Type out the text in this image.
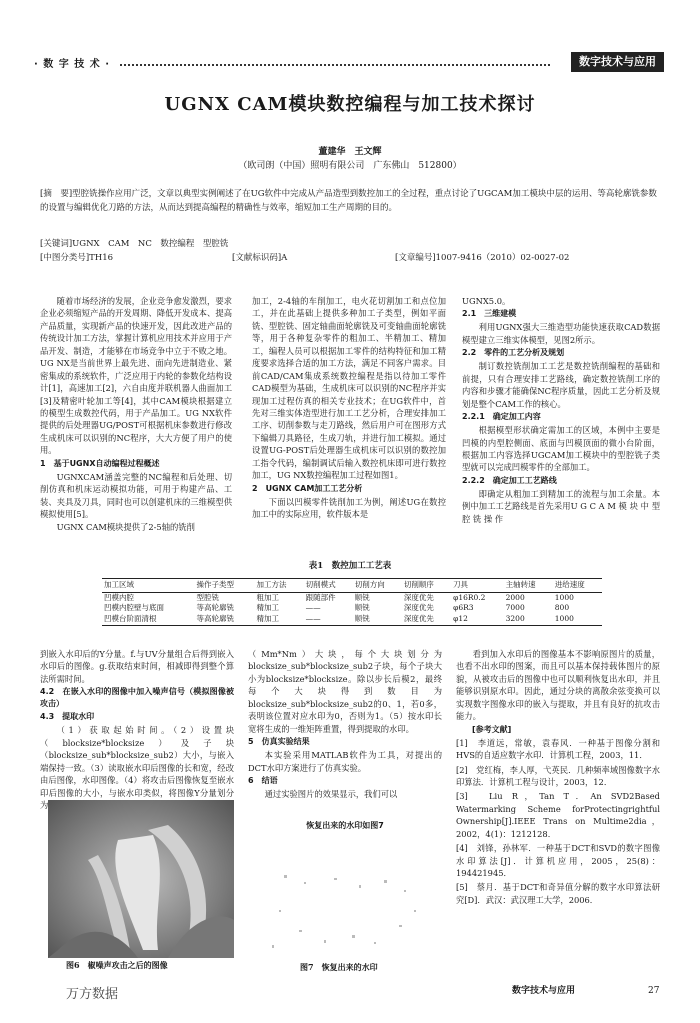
· 数 字 技 术 ·	数字技术与应用
UGNX CAM模块数控编程与加工技术探讨
董建华　王文辉
（欧司朗（中国）照明有限公司　广东佛山　512800）
[摘　要]型腔铣操作应用广泛，文章以典型实例阐述了在UG软件中完成从产品造型到数控加工的全过程，重点讨论了UGCAM加工模块中层的运用、等高轮廓铣参数的设置与编辑优化刀路的方法，从而达到提高编程的精确性与效率，缩短加工生产周期的目的。
[关键词]UGNX　CAM　NC　数控编程　型腔铣
[中图分类号]TH16	[文献标识码]A	[文章编号]1007-9416（2010）02-0027-02

随着市场经济的发展，企业竞争愈发激烈，要求企业必须缩短产品的开发周期、降低开发成本、提高产品质量，实现新产品的快速开发，因此改进产品的传统设计加工方法，掌握计算机应用技术并应用于产品开发、制造，才能够在市场竞争中立于不败之地。UG NX是当前世界上最先进、面向先进制造业、紧密集成的系统软件，广泛应用于内轮的参数化结构设计[1]，高速加工[2]，六自由度并联机器人曲面加工[3]及精密叶轮加工等[4]，其中CAM模块根据建立的模型生成数控代码，用于产品加工。UG NX软件提供的后处理器UG/POST可根据机床参数进行修改生成机床可以识别的NC程序，大大方便了用户的使用。

1　基于UGNX自动编程过程概述

UGNXCAM涵盖完整的NC编程和后处理、切削仿真和机床运动模拟功能，可用于构建产品、工装、夹具及刀具，同时也可以创建机床的三维模型供模拟使用[5]。

UGNX CAM模块提供了2-5轴的铣削

加工，2-4轴的车削加工，电火花切割加工和点位加工，并在此基础上提供多种加工子类型，例如平面铣、型腔铣、固定轴曲面轮廓铣及可变轴曲面轮廓铣等，用于各种复杂零件的粗加工、半精加工、精加工，编程人员可以根据加工零件的结构特征和加工精度要求选择合适的加工方法，满足不同客户需求。目前CAD/CAM集成系统数控编程是指以待加工零件CAD模型为基础，生成机床可以识别的NC程序并实现加工过程仿真的相关专业技术；在UG软件中，首先对三维实体造型进行加工工艺分析，合理安排加工工序、切削参数与走刀路线，然后用户可在图形方式下编辑刀具路径，生成刀轨，并进行加工模拟。通过设置UG-POST后处理器生成机床可以识别的数控加工指令代码，编制调试后输入数控机床即可进行数控加工，UG NX数控编程加工过程如图1。

2　UGNX CAM加工工艺分析

下面以凹模零件铣削加工为例，阐述UG在数控加工中的实际应用，软件版本是

UGNX5.0。

2.1　三维建模

利用UGNX强大三维造型功能快速获取CAD数据模型建立三维实体模型，见图2所示。

2.2　零件的工艺分析及规划

制订数控铣削加工工艺是数控铣削编程的基础和前提，只有合理安排工艺路线，确定数控铣削工序的内容和步骤才能确保NC程序质量，因此工艺分析及规划是整个CAM工作的核心。

2.2.1　确定加工内容

根据模型形状确定需加工的区域，本例中主要是凹模的内型腔侧面、底面与凹模顶面的微小台阶面，根据加工内容选择UGCAM加工模块中的型腔铣子类型就可以完成凹模零件的全部加工。

2.2.2　确定加工工艺路线

即确定从粗加工到精加工的流程与加工余量。本例中加工工艺路线是首先采用U G C A M 模 块 中 型 腔 铣 操 作

表1　数控加工工艺表
加工区域	操作子类型	加工方法	切削模式	切削方向	切削顺序	刀具	主轴转速	进给速度
凹模内腔	型腔铣	粗加工	跟随部件	顺铣	深度优先	φ16R0.2	2000	1000
凹模内腔壁与底面	等高轮廓铣	精加工	——	顺铣	深度优先	φ6R3	7000	800
凹模台阶面清根	等高轮廓铣	精加工	——	顺铣	深度优先	φ12	3200	1000

到嵌入水印后的Y分量。f.与UV分量组合后得到嵌入水印后的图像。g.获取结束时间，相减即得到整个算法所需时间。

4.2　在嵌入水印的图像中加入噪声信号（模拟图像被攻击）

4.3　提取水印

（1）获取起始时间。（2）设置块（blocksize*blocksize）及子块（blocksize_sub*blocksize_sub2）大小，与嵌入端保持一致。（3）读取嵌水印后图像的长和宽，经改由后图像，水印图像。（4）将攻击后图像恢复至嵌水印后图像的大小，与嵌水印类似，将图像Y分量划分为

（Mm*Nm）大块，每个大块划分为blocksize_sub*blocksize_sub2子块，每个子块大小为blocksize*blocksize。除以步长后模2，最终每个大块得到数目为blocksize_sub*blocksize_sub2的0、1，若0多，表明该位置对应水印为0，否则为1。（5）按水印长宽将生成的一维矩阵重置，得到提取的水印。

5　仿真实验结果

本实验采用MATLAB软件为工具，对提出的DCT水印方案进行了仿真实验。

6　结语

通过实验图片的效果显示，我们可以

恢复出来的水印如图7

看到加入水印后的图像基本不影响原图片的质量，也看不出水印的图案，而且可以基本保持载体图片的原貌，从被攻击后的图像中也可以顺利恢复出水印，并且能够识别原水印。因此，通过分块的离散余弦变换可以实现数字图像水印的嵌入与提取，并且有良好的抗攻击能力。

[参考文献]

[1]　李道远，常敏，袁春风．一种基于图像分割和HVS的自适应数字水印．计算机工程，2003，11．

[2]　党红梅，李人厚，弋英民．几种频率域图像数字水印算法．计算机工程与设计，2003，12．

[3]　Liu R，Tan T．An SVD2Based Watermarking Scheme forProtectingrightful Ownership[J].IEEE Trans on Multime2dia，2002，4(1)：1212128．

[4]　刘锋，孙林军．一种基于DCT和SVD的数字图像水印算法[J]．计算机应用，2005，25(8)：194421945．

[5]　蔡月．基于DCT和奇异值分解的数字水印算法研究[D]．武汉：武汉理工大学，2006．

图6　椒噪声攻击之后的图像	图7　恢复出来的水印
万方数据	数字技术与应用	27
